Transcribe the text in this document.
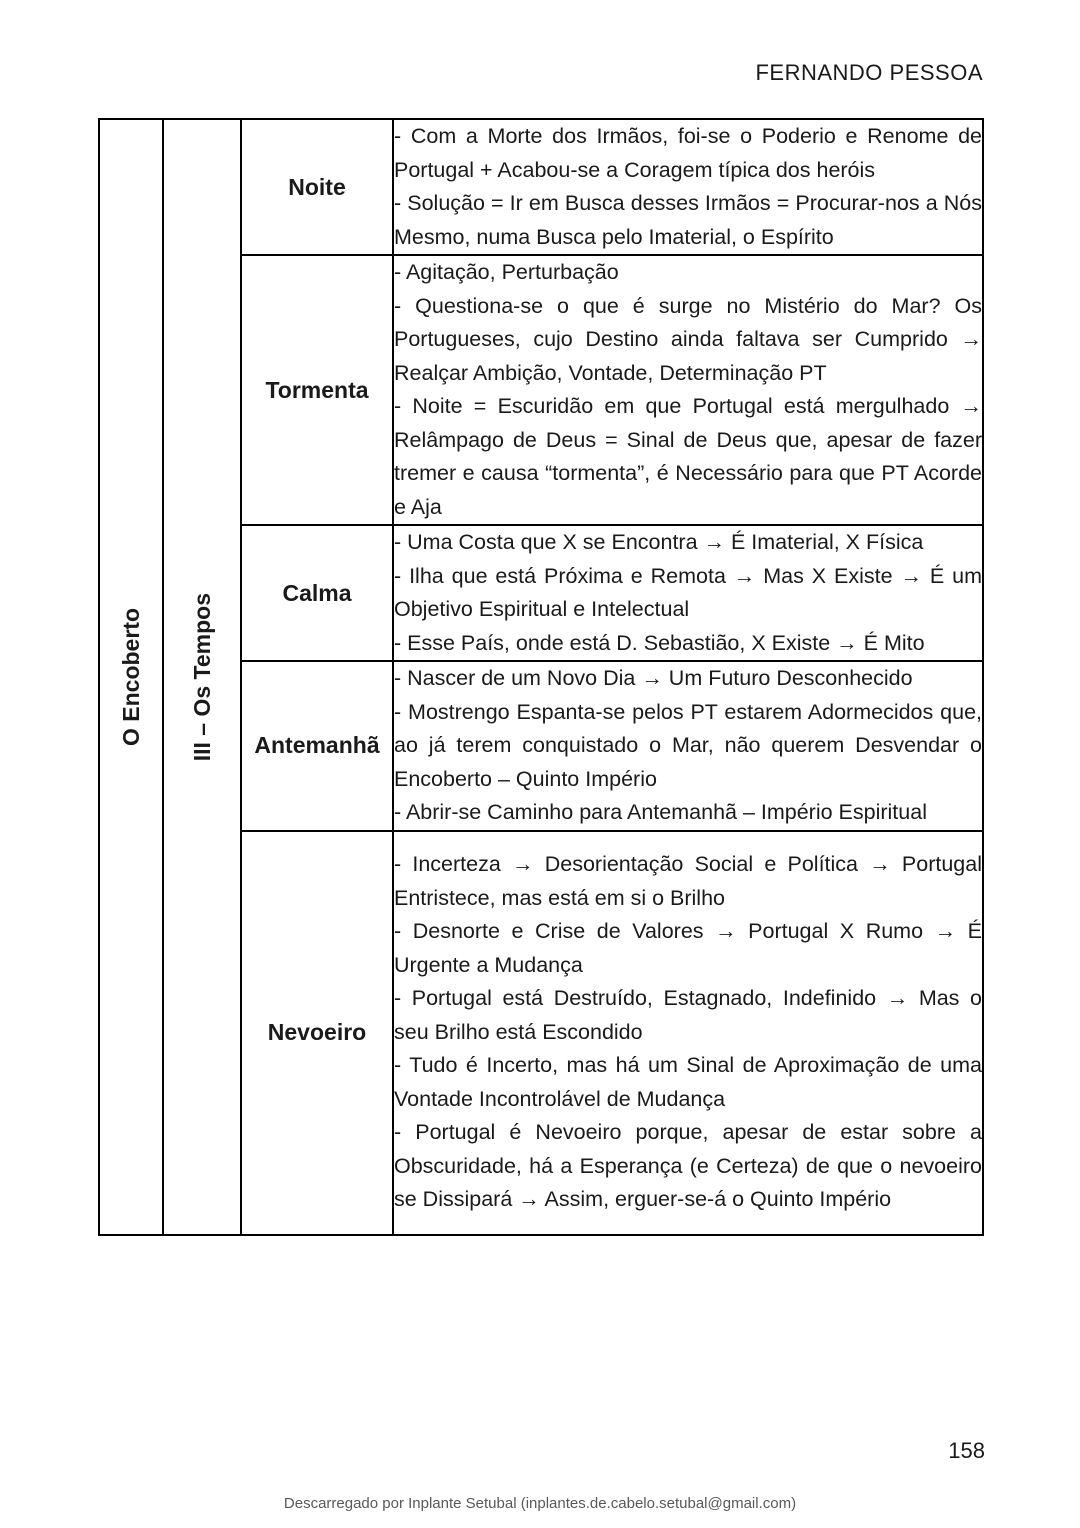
FERNANDO PESSOA
O Encoberto	III – Os Tempos	Noite	- Com a Morte dos Irmãos, foi-se o Poderio e Renome de Portugal + Acabou-se a Coragem típica dos heróis

- Solução = Ir em Busca desses Irmãos = Procurar-nos a Nós Mesmo, numa Busca pelo Imaterial, o Espírito

		Tormenta	- Agitação, Perturbação

- Questiona-se o que é surge no Mistério do Mar? Os Portugueses, cujo Destino ainda faltava ser Cumprido → Realçar Ambição, Vontade, Determinação PT

- Noite = Escuridão em que Portugal está mergulhado → Relâmpago de Deus = Sinal de Deus que, apesar de fazer tremer e causa “tormenta”, é Necessário para que PT Acorde e Aja

		Calma	- Uma Costa que X se Encontra → É Imaterial, X Física

- Ilha que está Próxima e Remota → Mas X Existe → É um Objetivo Espiritual e Intelectual

- Esse País, onde está D. Sebastião, X Existe → É Mito

		Antemanhã	- Nascer de um Novo Dia → Um Futuro Desconhecido

- Mostrengo Espanta-se pelos PT estarem Adormecidos que, ao já terem conquistado o Mar, não querem Desvendar o Encoberto – Quinto Império

- Abrir-se Caminho para Antemanhã – Império Espiritual

		Nevoeiro	- Incerteza → Desorientação Social e Política → Portugal Entristece, mas está em si o Brilho

- Desnorte e Crise de Valores → Portugal X Rumo → É Urgente a Mudança

- Portugal está Destruído, Estagnado, Indefinido → Mas o seu Brilho está Escondido

- Tudo é Incerto, mas há um Sinal de Aproximação de uma Vontade Incontrolável de Mudança

- Portugal é Nevoeiro porque, apesar de estar sobre a Obscuridade, há a Esperança (e Certeza) de que o nevoeiro se Dissipará → Assim, erguer-se-á o Quinto Império

158
Descarregado por Inplante Setubal (inplantes.de.cabelo.setubal@gmail.com)
